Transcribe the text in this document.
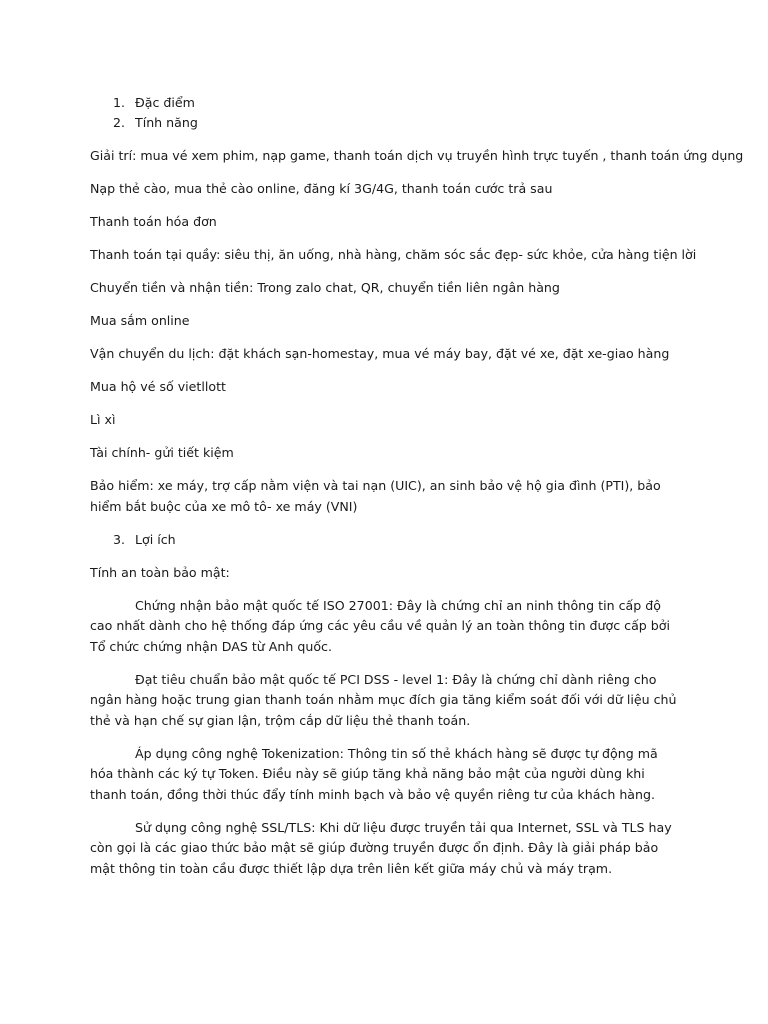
1. Đặc điểm
2. Tính năng

Giải trí: mua vé xem phim, nạp game, thanh toán dịch vụ truyền hình trực tuyến , thanh toán ứng dụng

Nạp thẻ cào, mua thẻ cào online, đăng kí 3G/4G, thanh toán cước trả sau

Thanh toán hóa đơn

Thanh toán tại quầy: siêu thị, ăn uống, nhà hàng, chăm sóc sắc đẹp- sức khỏe, cửa hàng tiện lời

Chuyển tiền và nhận tiền: Trong zalo chat, QR, chuyển tiền liên ngân hàng

Mua sắm online

Vận chuyển du lịch: đặt khách sạn-homestay, mua vé máy bay, đặt vé xe, đặt xe-giao hàng

Mua hộ vé số vietllott

Lì xì

Tài chính- gửi tiết kiệm

Bảo hiểm: xe máy, trợ cấp nằm viện và tai nạn (UIC), an sinh bảo vệ hộ gia đình (PTI), bảo hiểm bắt buộc của xe mô tô- xe máy (VNI)

3. Lợi ích

Tính an toàn bảo mật:

Chứng nhận bảo mật quốc tế ISO 27001: Đây là chứng chỉ an ninh thông tin cấp độ cao nhất dành cho hệ thống đáp ứng các yêu cầu về quản lý an toàn thông tin được cấp bởi Tổ chức chứng nhận DAS từ Anh quốc.

Đạt tiêu chuẩn bảo mật quốc tế PCI DSS - level 1: Đây là chứng chỉ dành riêng cho ngân hàng hoặc trung gian thanh toán nhằm mục đích gia tăng kiểm soát đối với dữ liệu chủ thẻ và hạn chế sự gian lận, trộm cắp dữ liệu thẻ thanh toán.

Áp dụng công nghệ Tokenization: Thông tin số thẻ khách hàng sẽ được tự động mã hóa thành các ký tự Token. Điều này sẽ giúp tăng khả năng bảo mật của người dùng khi thanh toán, đồng thời thúc đẩy tính minh bạch và bảo vệ quyền riêng tư của khách hàng.

Sử dụng công nghệ SSL/TLS: Khi dữ liệu được truyền tải qua Internet, SSL và TLS hay còn gọi là các giao thức bảo mật sẽ giúp đường truyền được ổn định. Đây là giải pháp bảo mật thông tin toàn cầu được thiết lập dựa trên liên kết giữa máy chủ và máy trạm.
